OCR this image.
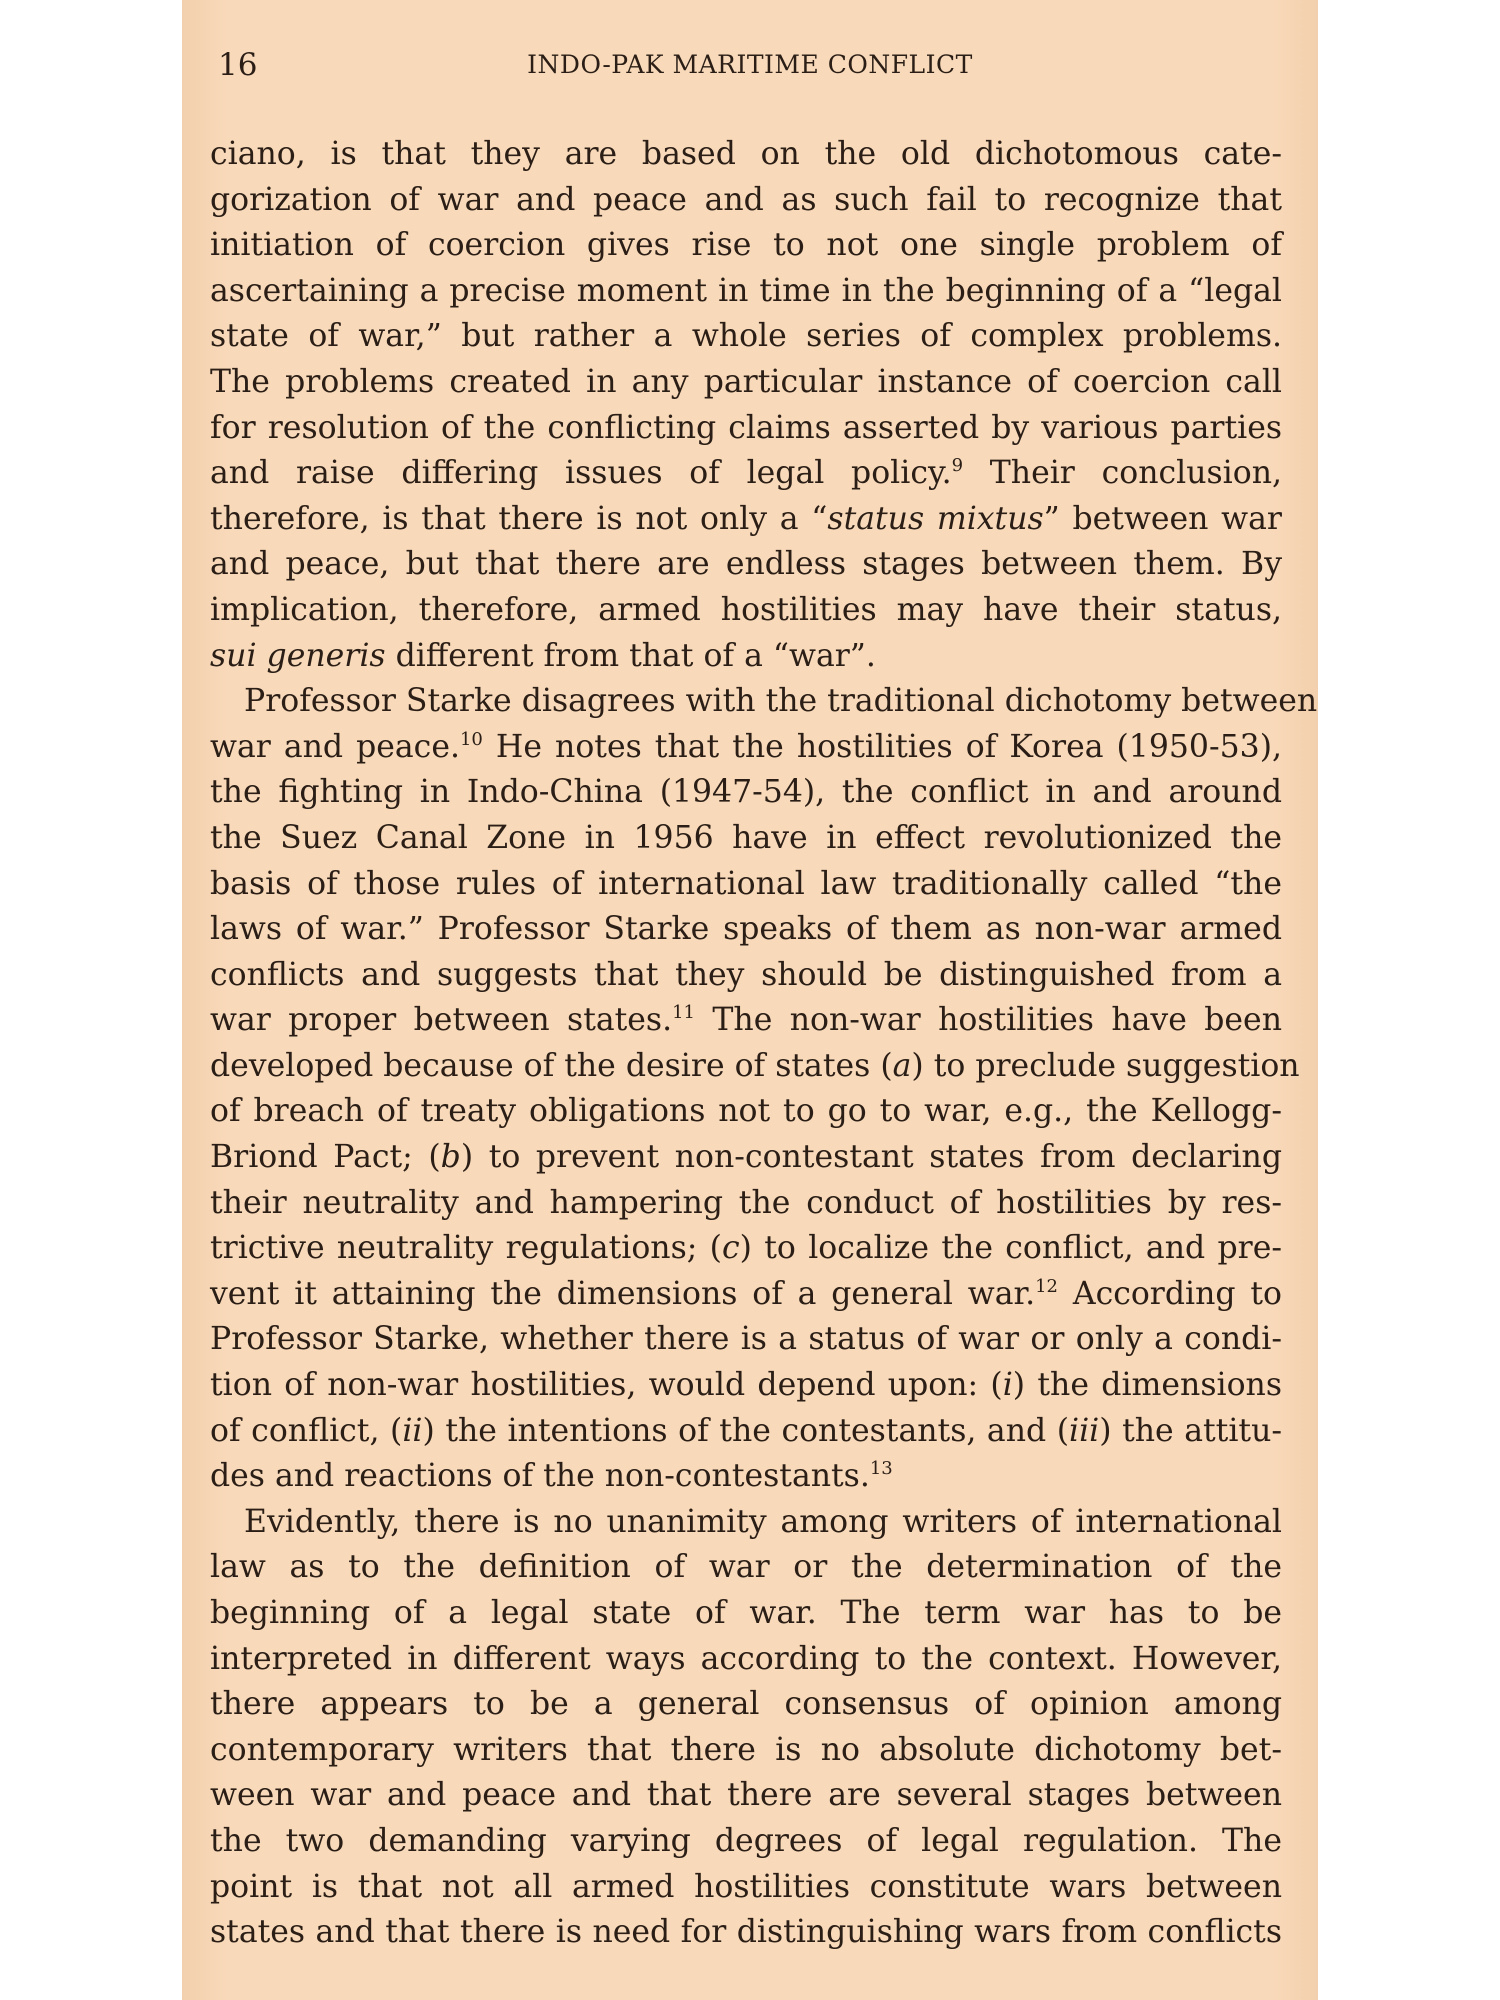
16	INDO-PAK MARITIME CONFLICT
ciano, is that they are based on the old dichotomous cate-
gorization of war and peace and as such fail to recognize that
initiation of coercion gives rise to not one single problem of
ascertaining a precise moment in time in the beginning of a “legal
state of war,” but rather a whole series of complex problems.
The problems created in any particular instance of coercion call
for resolution of the conflicting claims asserted by various parties
and raise differing issues of legal policy.$^9$ Their conclusion,
therefore, is that there is not only a “status mixtus” between war
and peace, but that there are endless stages between them. By
implication, therefore, armed hostilities may have their status,
sui generis different from that of a “war”.
Professor Starke disagrees with the traditional dichotomy between
war and peace.$^{10}$ He notes that the hostilities of Korea (1950-53),
the fighting in Indo-China (1947-54), the conflict in and around
the Suez Canal Zone in 1956 have in effect revolutionized the
basis of those rules of international law traditionally called “the
laws of war.” Professor Starke speaks of them as non-war armed
conflicts and suggests that they should be distinguished from a
war proper between states.$^{11}$ The non-war hostilities have been
developed because of the desire of states (a) to preclude suggestion
of breach of treaty obligations not to go to war, e.g., the Kellogg-
Briond Pact; (b) to prevent non-contestant states from declaring
their neutrality and hampering the conduct of hostilities by res-
trictive neutrality regulations; (c) to localize the conflict, and pre-
vent it attaining the dimensions of a general war.$^{12}$ According to
Professor Starke, whether there is a status of war or only a condi-
tion of non-war hostilities, would depend upon: (i) the dimensions
of conflict, (ii) the intentions of the contestants, and (iii) the attitu-
des and reactions of the non-contestants.$^{13}$
Evidently, there is no unanimity among writers of international
law as to the definition of war or the determination of the
beginning of a legal state of war. The term war has to be
interpreted in different ways according to the context. However,
there appears to be a general consensus of opinion among
contemporary writers that there is no absolute dichotomy bet-
ween war and peace and that there are several stages between
the two demanding varying degrees of legal regulation. The
point is that not all armed hostilities constitute wars between
states and that there is need for distinguishing wars from conflicts
